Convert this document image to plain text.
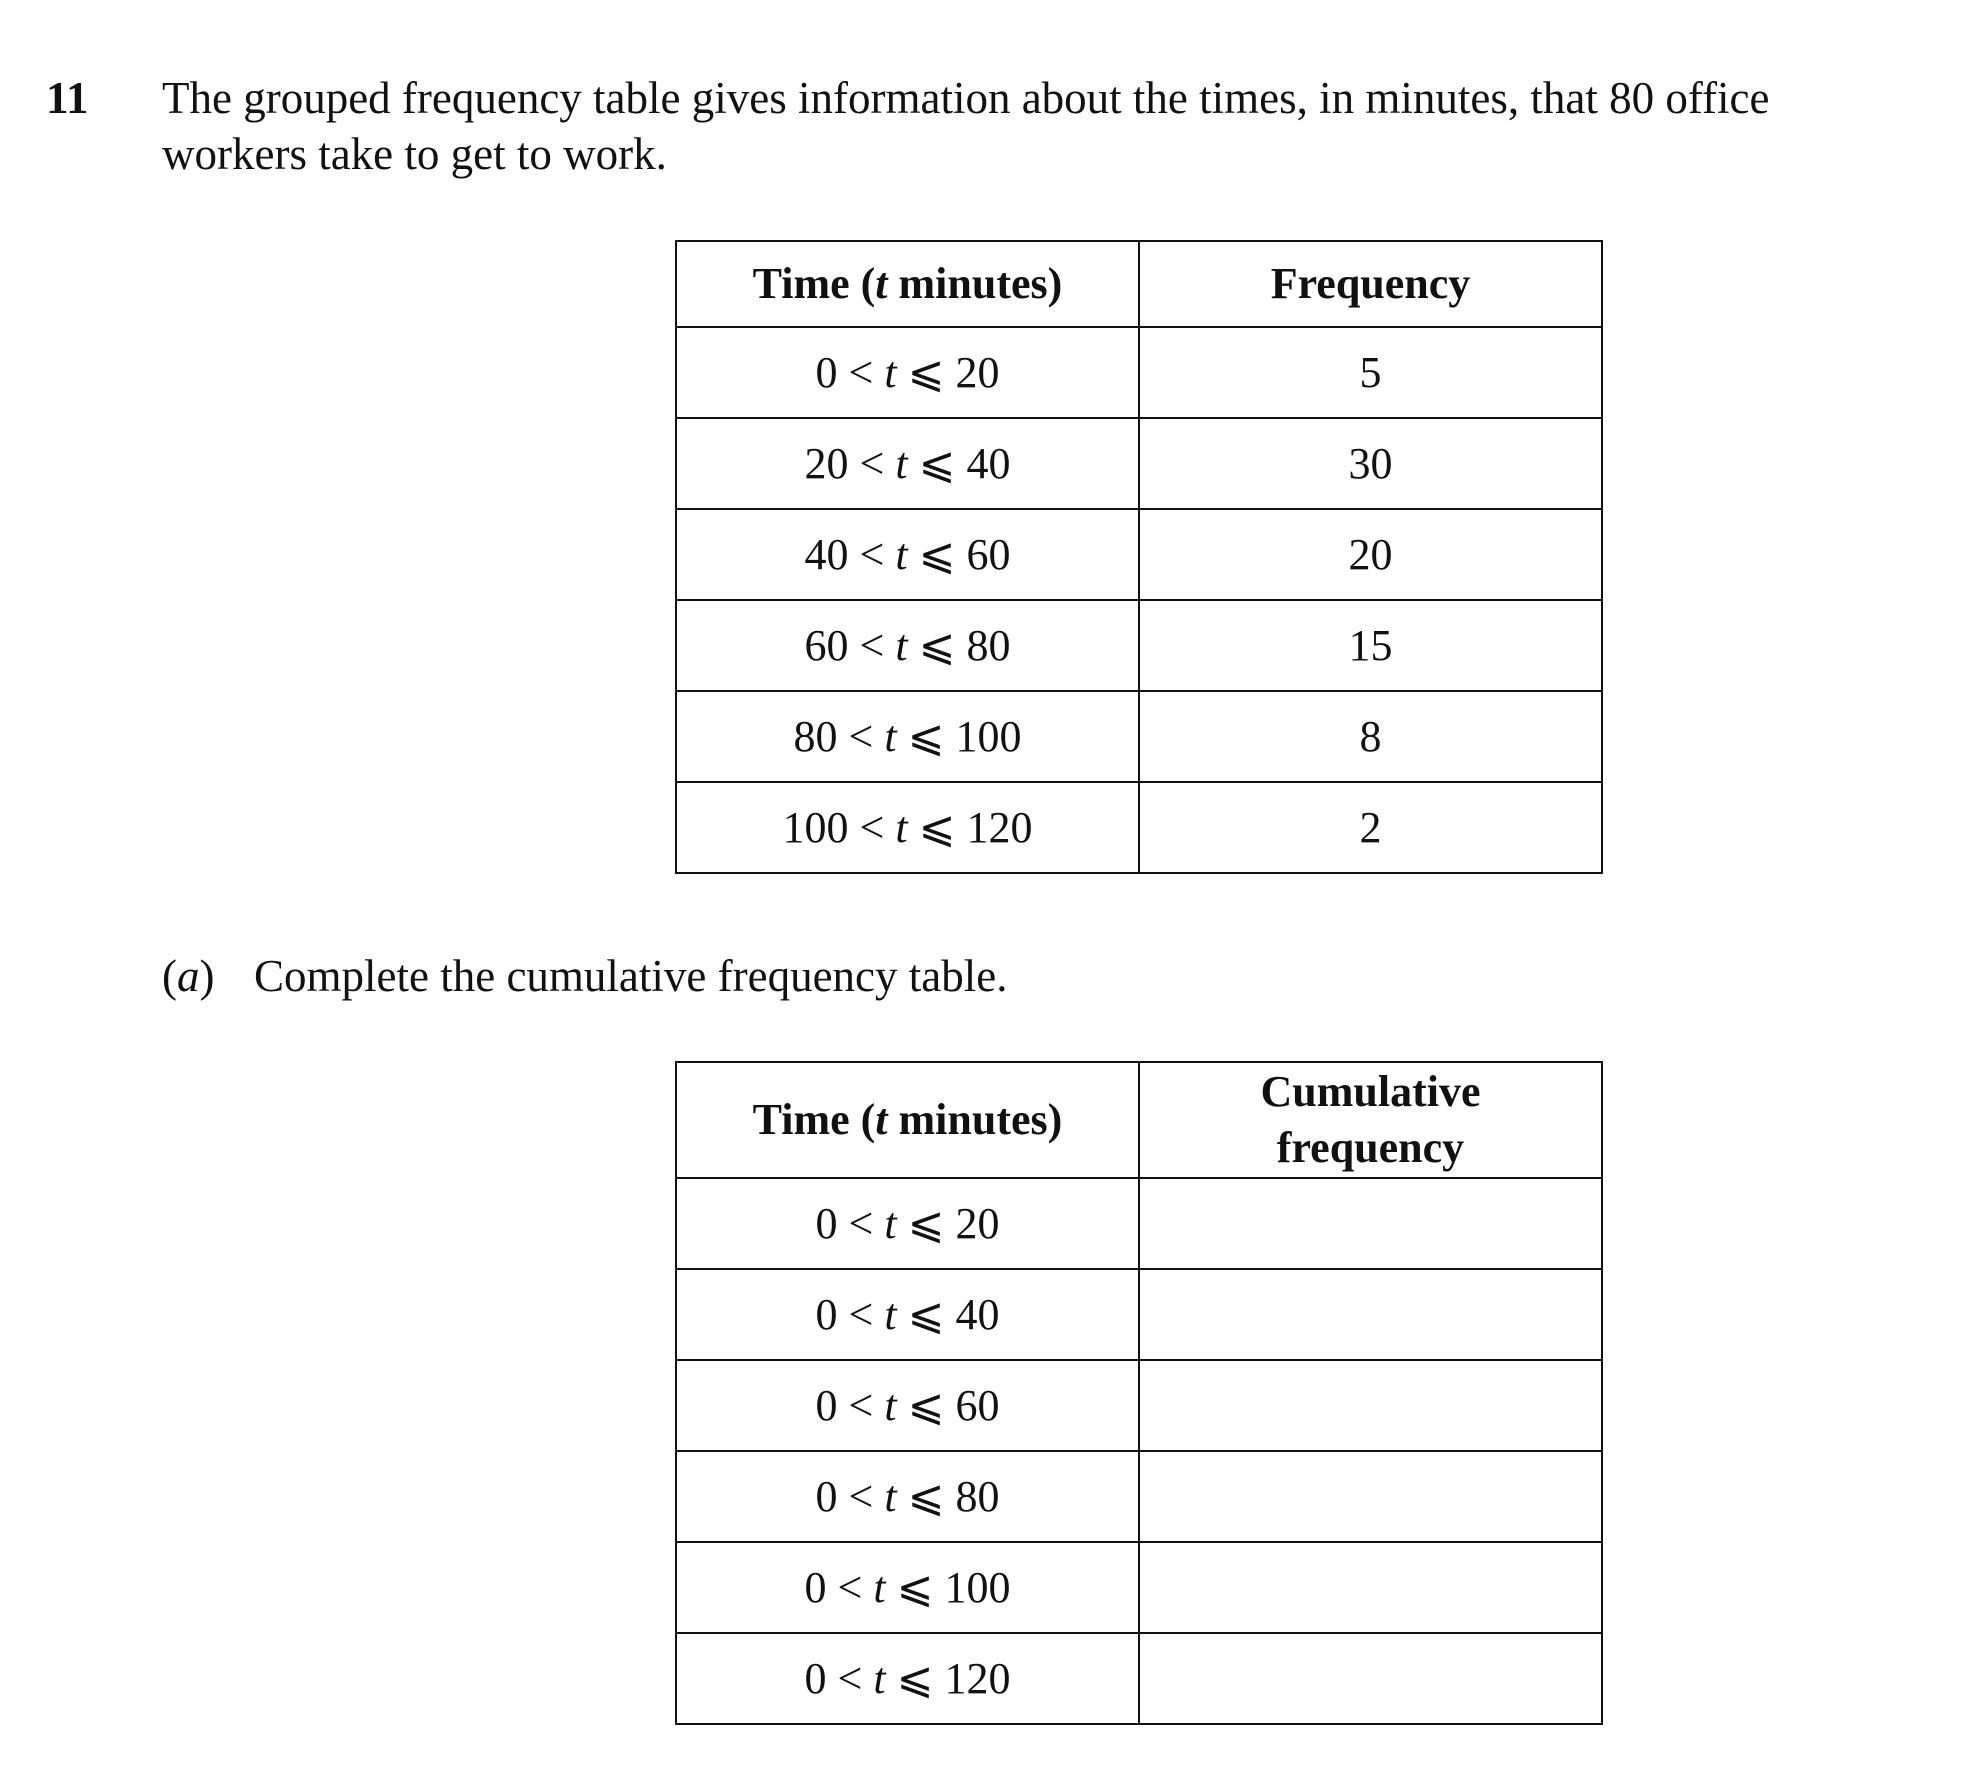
11 The grouped frequency table gives information about the times, in minutes, that 80 office
workers take to get to work.
Time (t minutes)	Frequency
0 < t ⩽ 20	5
20 < t ⩽ 40	30
40 < t ⩽ 60	20
60 < t ⩽ 80	15
80 < t ⩽ 100	8
100 < t ⩽ 120	2
(a) Complete the cumulative frequency table.
Time (t minutes)	Cumulative
frequency
0 < t ⩽ 20	
0 < t ⩽ 40	
0 < t ⩽ 60	
0 < t ⩽ 80	
0 < t ⩽ 100	
0 < t ⩽ 120	
